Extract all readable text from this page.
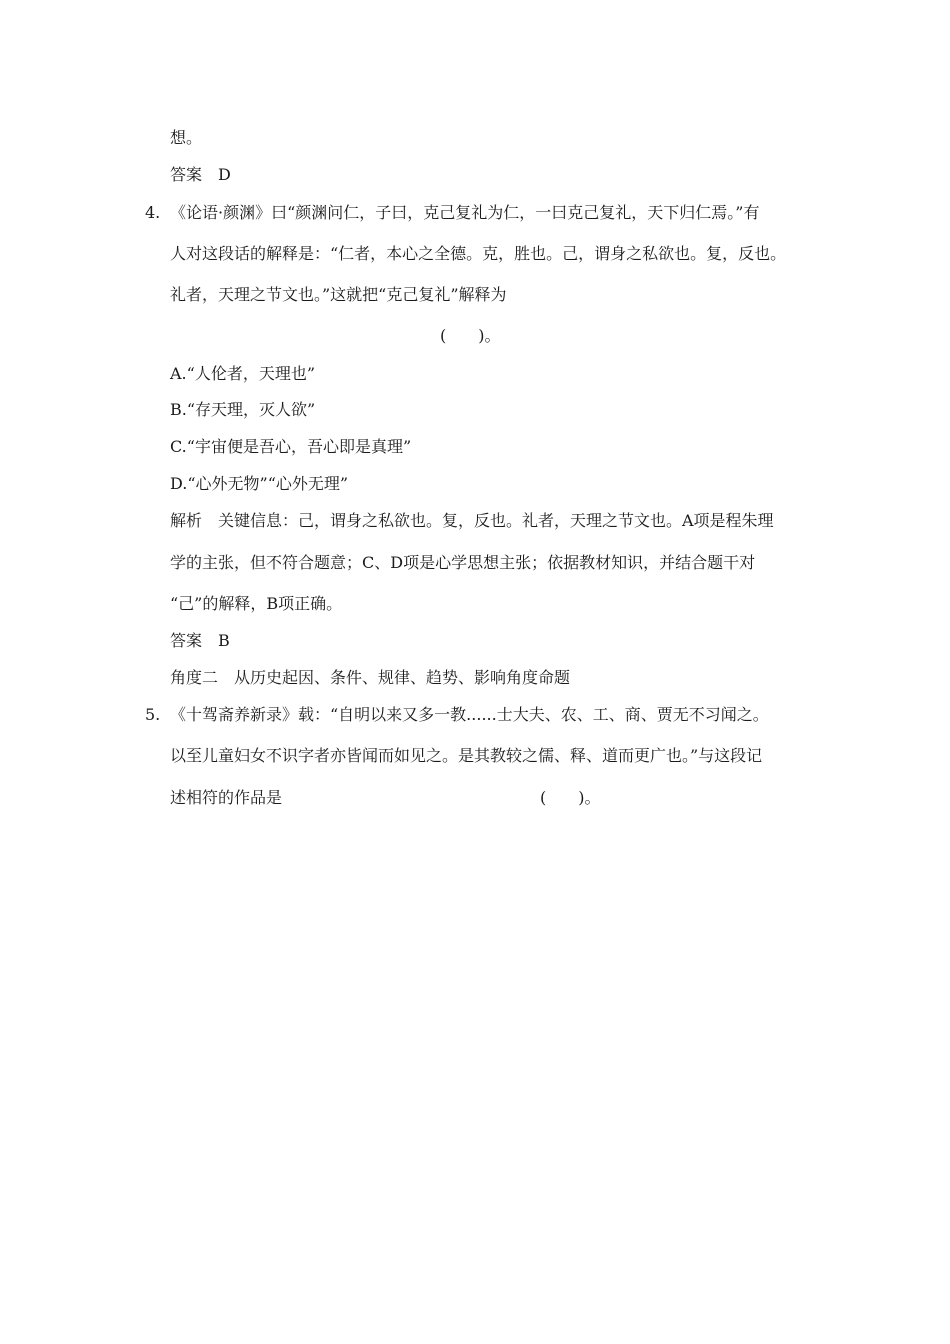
想。
答案　D
4. 《论语·颜渊》曰“颜渊问仁，子曰，克己复礼为仁，一曰克己复礼，天下归仁焉。”有
人对这段话的解释是：“仁者，本心之全德。克，胜也。己，谓身之私欲也。复，反也。
礼者，天理之节文也。”这就把“克己复礼”解释为
(　　)。
A.“人伦者，天理也”
B.“存天理，灭人欲”
C.“宇宙便是吾心，吾心即是真理”
D.“心外无物”“心外无理”
解析　关键信息：己，谓身之私欲也。复，反也。礼者，天理之节文也。A项是程朱理
学的主张，但不符合题意；C、D项是心学思想主张；依据教材知识，并结合题干对
“己”的解释，B项正确。
答案　B
角度二　从历史起因、条件、规律、趋势、影响角度命题
5. 《十驾斋养新录》载：“自明以来又多一教......士大夫、农、工、商、贾无不习闻之。
以至儿童妇女不识字者亦皆闻而如见之。是其教较之儒、释、道而更广也。”与这段记
述相符的作品是	(　　)。
